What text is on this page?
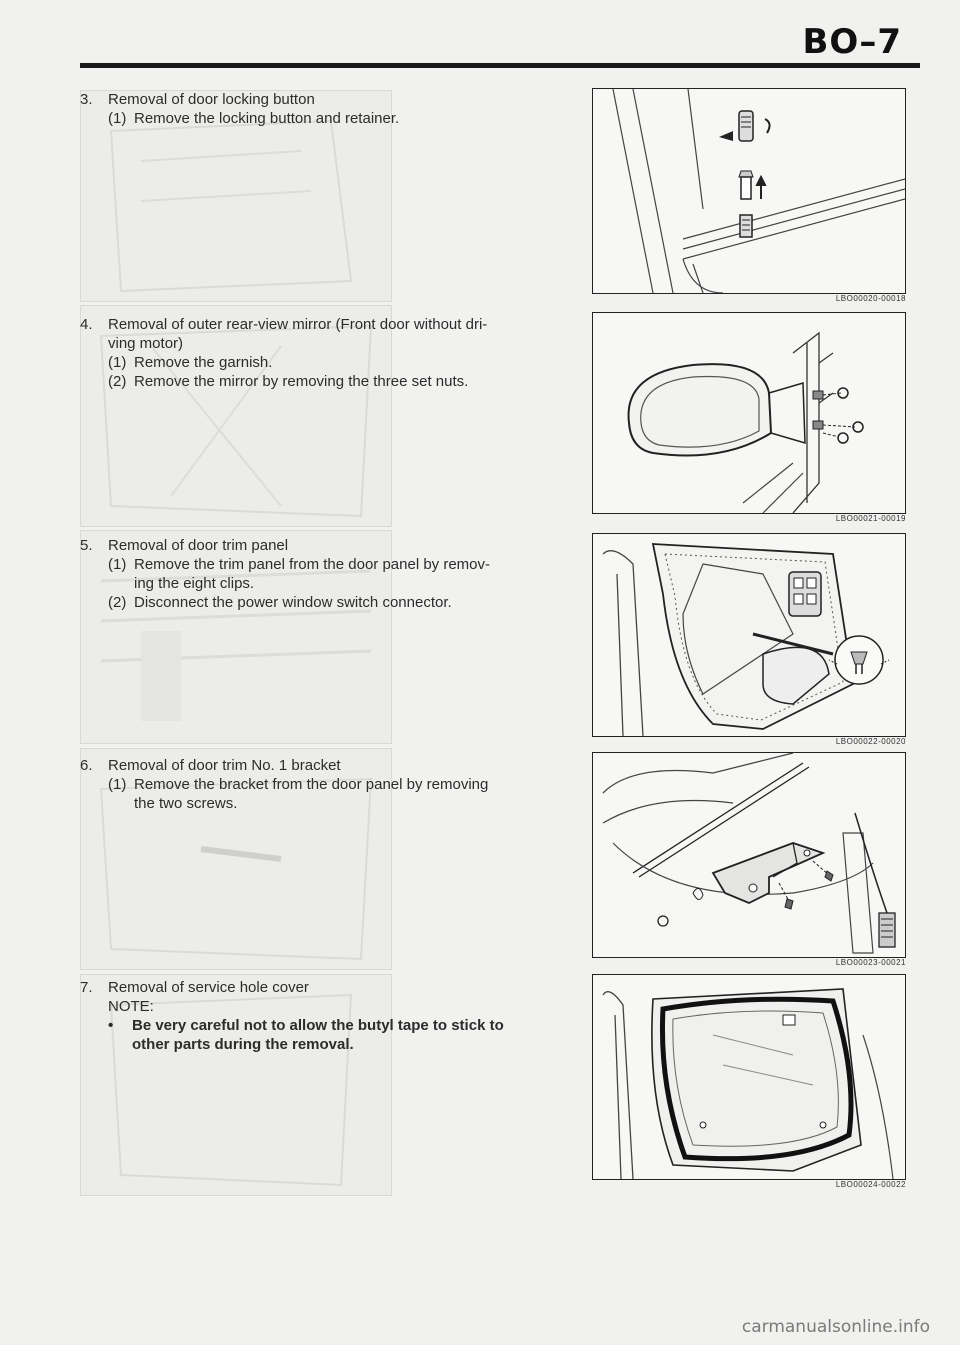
BO–7
3.	Removal of door locking button
(1) Remove the locking button and retainer.
LBO00020-00018
4.	Removal of outer rear-view mirror (Front door without dri-
ving motor)
(1) Remove the garnish.
(2) Remove the mirror by removing the three set nuts.
LBO00021-00019
5.	Removal of door trim panel
(1) Remove the trim panel from the door panel by remov-
ing the eight clips.
(2) Disconnect the power window switch connector.
LBO00022-00020
6.	Removal of door trim No. 1 bracket
(1) Remove the bracket from the door panel by removing
the two screws.
LBO00023-00021
7.	Removal of service hole cover
NOTE:
•	Be very careful not to allow the butyl tape to stick to
other parts during the removal.
LBO00024-00022
carmanualsonline.info
